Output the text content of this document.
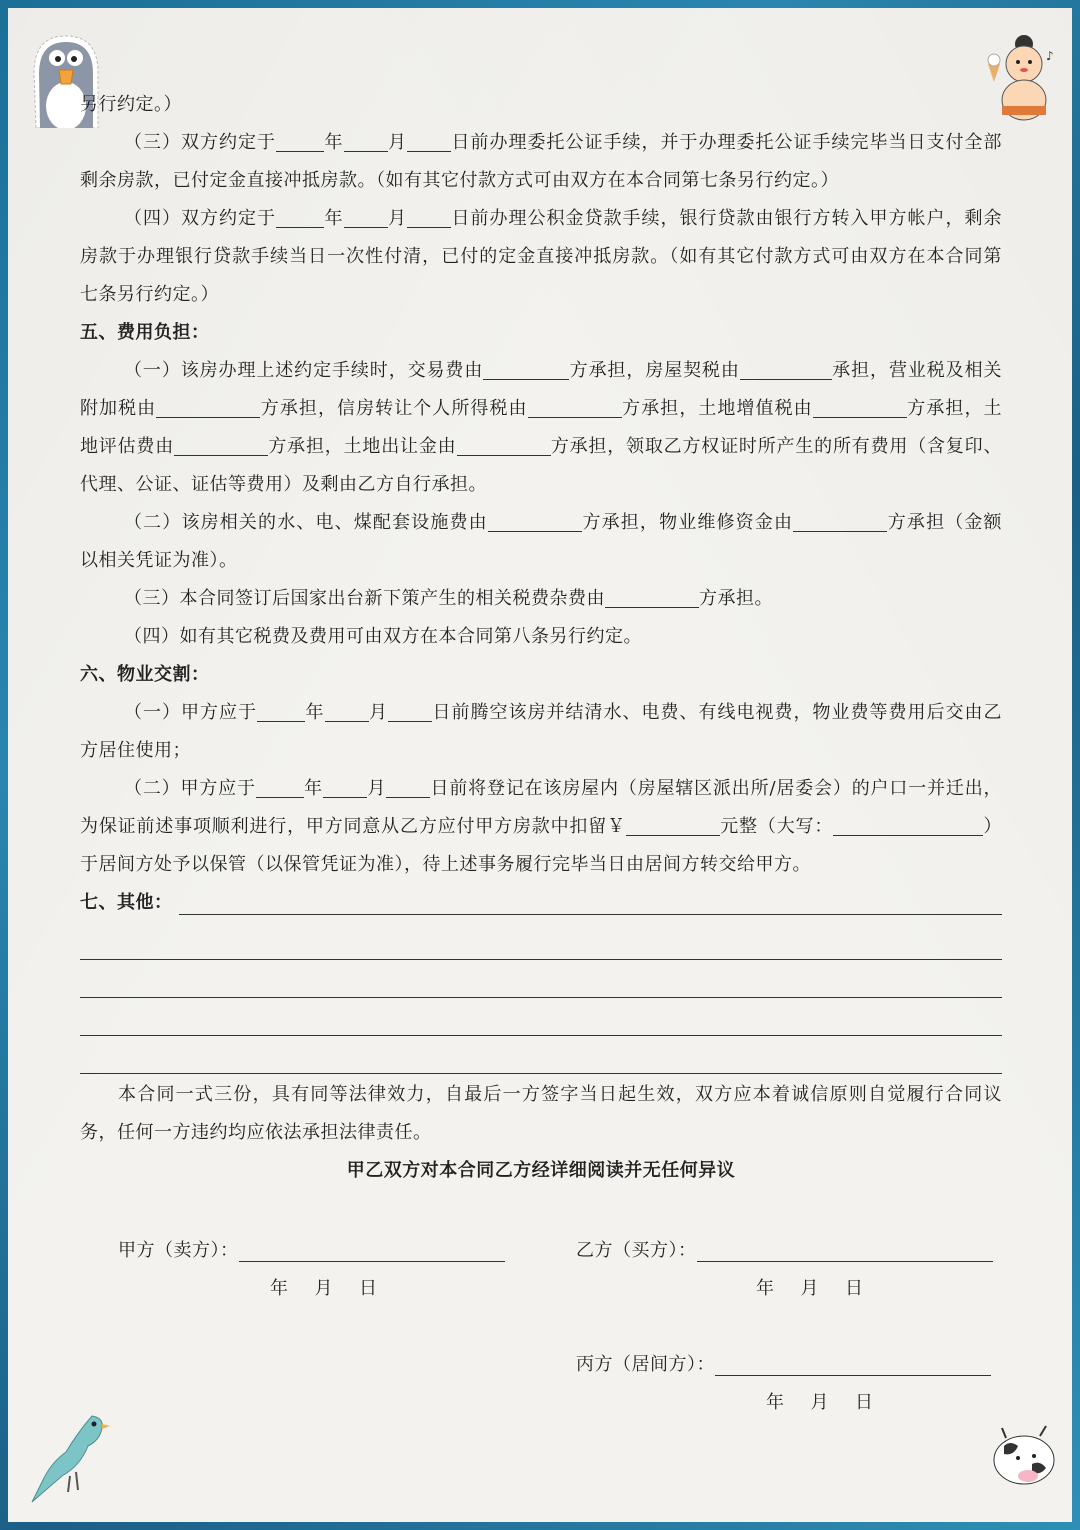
♪
另行约定。）
（三）双方约定于	年 月 日前办理委托公证手续，并于办理委托公证手续完毕当日支付全部
剩余房款，已付定金直接冲抵房款。（如有其它付款方式可由双方在本合同第七条另行约定。）
（四）双方约定于	年 月 日前办理公积金贷款手续，银行贷款由银行方转入甲方帐户，剩余
房款于办理银行贷款手续当日一次性付清，已付的定金直接冲抵房款。（如有其它付款方式可由双方在本合同第
七条另行约定。）
五、费用负担：
（一）该房办理上述约定手续时，交易费由	方承担，房屋契税由	承担，营业税及相关
附加税由	方承担，信房转让个人所得税由	方承担，土地增值税由	方承担，土
地评估费由	方承担，土地出让金由	方承担，领取乙方权证时所产生的所有费用（含复印、
代理、公证、证估等费用）及剩由乙方自行承担。
（二）该房相关的水、电、煤配套设施费由	方承担，物业维修资金由	方承担（金额
以相关凭证为准）。
（三）本合同签订后国家出台新下策产生的相关税费杂费由	方承担。
（四）如有其它税费及费用可由双方在本合同第八条另行约定。
六、物业交割：
（一）甲方应于	年 月 日前腾空该房并结清水、电费、有线电视费，物业费等费用后交由乙
方居住使用；
（二）甲方应于	年 月 日前将登记在该房屋内（房屋辖区派出所/居委会）的户口一并迁出，
为保证前述事项顺利进行，甲方同意从乙方应付甲方房款中扣留￥	元整（大写：	）
于居间方处予以保管（以保管凭证为准），待上述事务履行完毕当日由居间方转交给甲方。
七、其他：
本合同一式三份，具有同等法律效力，自最后一方签字当日起生效，双方应本着诚信原则自觉履行合同议
务，任何一方违约均应依法承担法律责任。
甲乙双方对本合同乙方经详细阅读并无任何异议
甲方（卖方）：
年 月 日
乙方（买方）：
年 月 日
丙方（居间方）：
年 月 日
